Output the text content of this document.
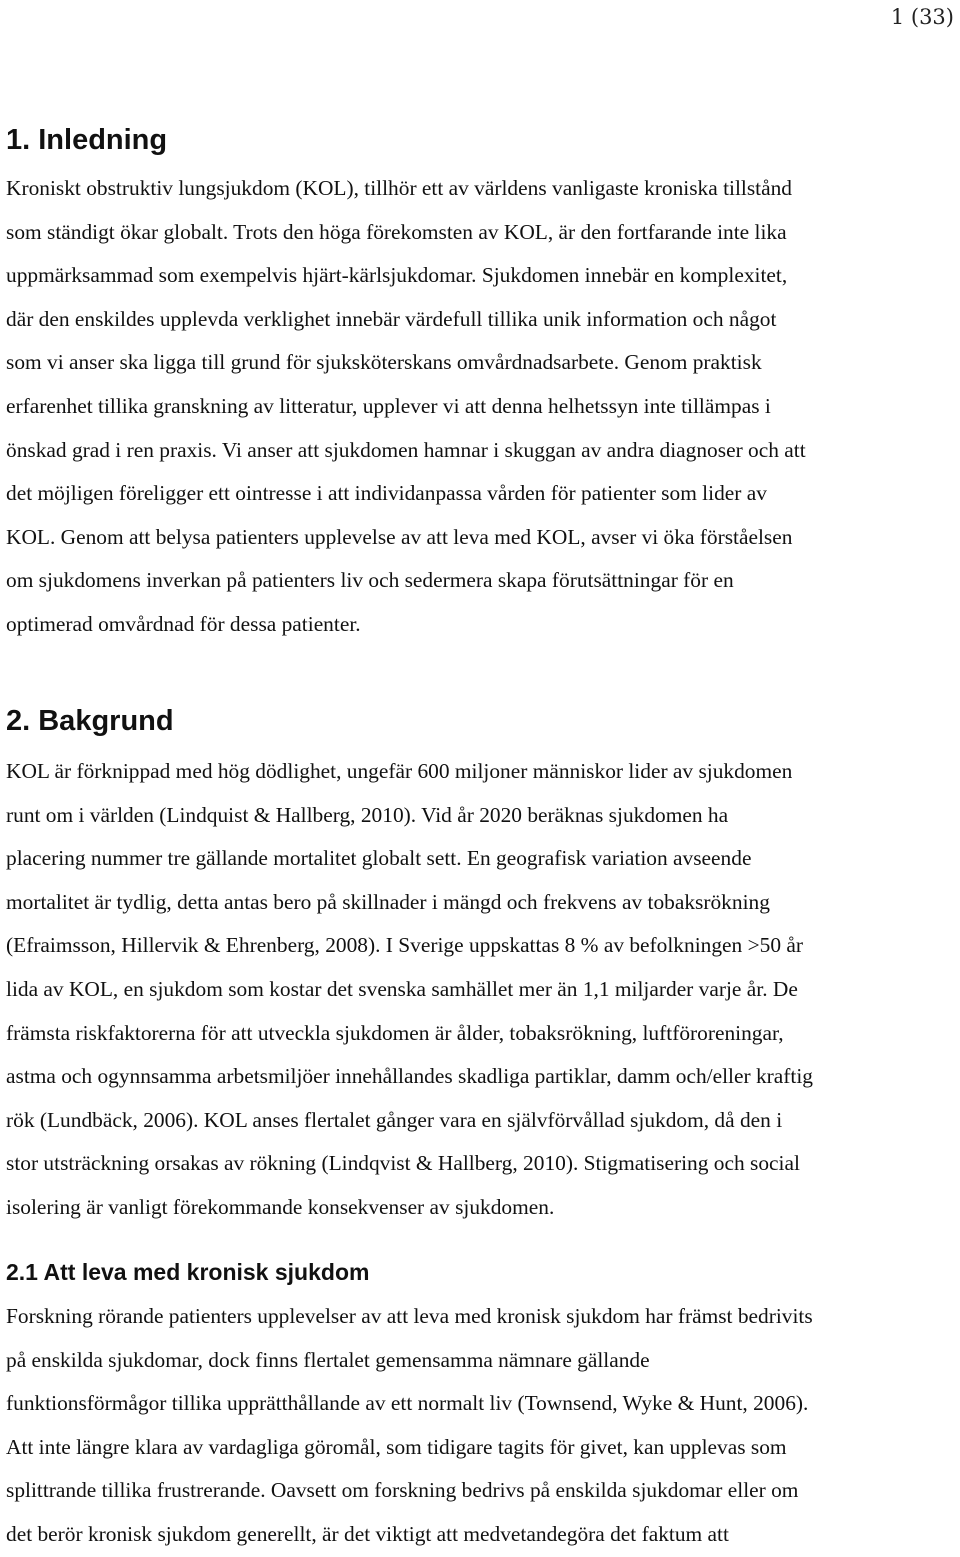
1 (33)
1. Inledning
Kroniskt obstruktiv lungsjukdom (KOL), tillhör ett av världens vanligaste kroniska tillstånd
som ständigt ökar globalt. Trots den höga förekomsten av KOL, är den fortfarande inte lika
uppmärksammad som exempelvis hjärt-kärlsjukdomar. Sjukdomen innebär en komplexitet,
där den enskildes upplevda verklighet innebär värdefull tillika unik information och något
som vi anser ska ligga till grund för sjuksköterskans omvårdnadsarbete. Genom praktisk
erfarenhet tillika granskning av litteratur, upplever vi att denna helhetssyn inte tillämpas i
önskad grad i ren praxis. Vi anser att sjukdomen hamnar i skuggan av andra diagnoser och att
det möjligen föreligger ett ointresse i att individanpassa vården för patienter som lider av
KOL. Genom att belysa patienters upplevelse av att leva med KOL, avser vi öka förståelsen
om sjukdomens inverkan på patienters liv och sedermera skapa förutsättningar för en
optimerad omvårdnad för dessa patienter.
2. Bakgrund
KOL är förknippad med hög dödlighet, ungefär 600 miljoner människor lider av sjukdomen
runt om i världen (Lindquist & Hallberg, 2010). Vid år 2020 beräknas sjukdomen ha
placering nummer tre gällande mortalitet globalt sett. En geografisk variation avseende
mortalitet är tydlig, detta antas bero på skillnader i mängd och frekvens av tobaksrökning
(Efraimsson, Hillervik & Ehrenberg, 2008). I Sverige uppskattas 8 % av befolkningen >50 år
lida av KOL, en sjukdom som kostar det svenska samhället mer än 1,1 miljarder varje år. De
främsta riskfaktorerna för att utveckla sjukdomen är ålder, tobaksrökning, luftföroreningar,
astma och ogynnsamma arbetsmiljöer innehållandes skadliga partiklar, damm och/eller kraftig
rök (Lundbäck, 2006). KOL anses flertalet gånger vara en självförvållad sjukdom, då den i
stor utsträckning orsakas av rökning (Lindqvist & Hallberg, 2010). Stigmatisering och social
isolering är vanligt förekommande konsekvenser av sjukdomen.
2.1 Att leva med kronisk sjukdom
Forskning rörande patienters upplevelser av att leva med kronisk sjukdom har främst bedrivits
på enskilda sjukdomar, dock finns flertalet gemensamma nämnare gällande
funktionsförmågor tillika upprätthållande av ett normalt liv (Townsend, Wyke & Hunt, 2006).
Att inte längre klara av vardagliga göromål, som tidigare tagits för givet, kan upplevas som
splittrande tillika frustrerande. Oavsett om forskning bedrivs på enskilda sjukdomar eller om
det berör kronisk sjukdom generellt, är det viktigt att medvetandegöra det faktum att
